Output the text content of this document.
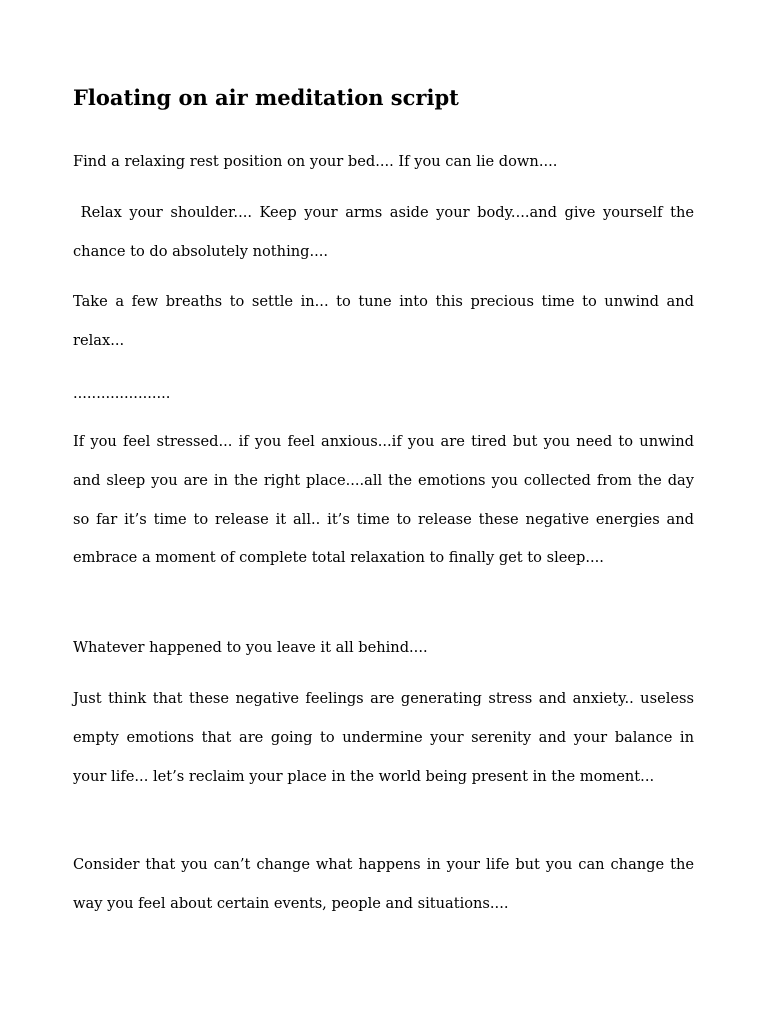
Floating on air meditation script

Find a relaxing rest position on your bed.... If you can lie down....

Relax your shoulder.... Keep your arms aside your body....and give yourself the chance to do absolutely nothing....

Take a few breaths to settle in... to tune into this precious time to unwind and relax...

.....................

If you feel stressed... if you feel anxious...if you are tired but you need to unwind and sleep you are in the right place....all the emotions you collected from the day so far it’s time to release it all.. it’s time to release these negative energies and embrace a moment of complete total relaxation to finally get to sleep....

Whatever happened to you leave it all behind....

Just think that these negative feelings are generating stress and anxiety.. useless empty emotions that are going to undermine your serenity and your balance in your life... let’s reclaim your place in the world being present in the moment...

Consider that you can’t change what happens in your life but you can change the way you feel about certain events, people and situations....
